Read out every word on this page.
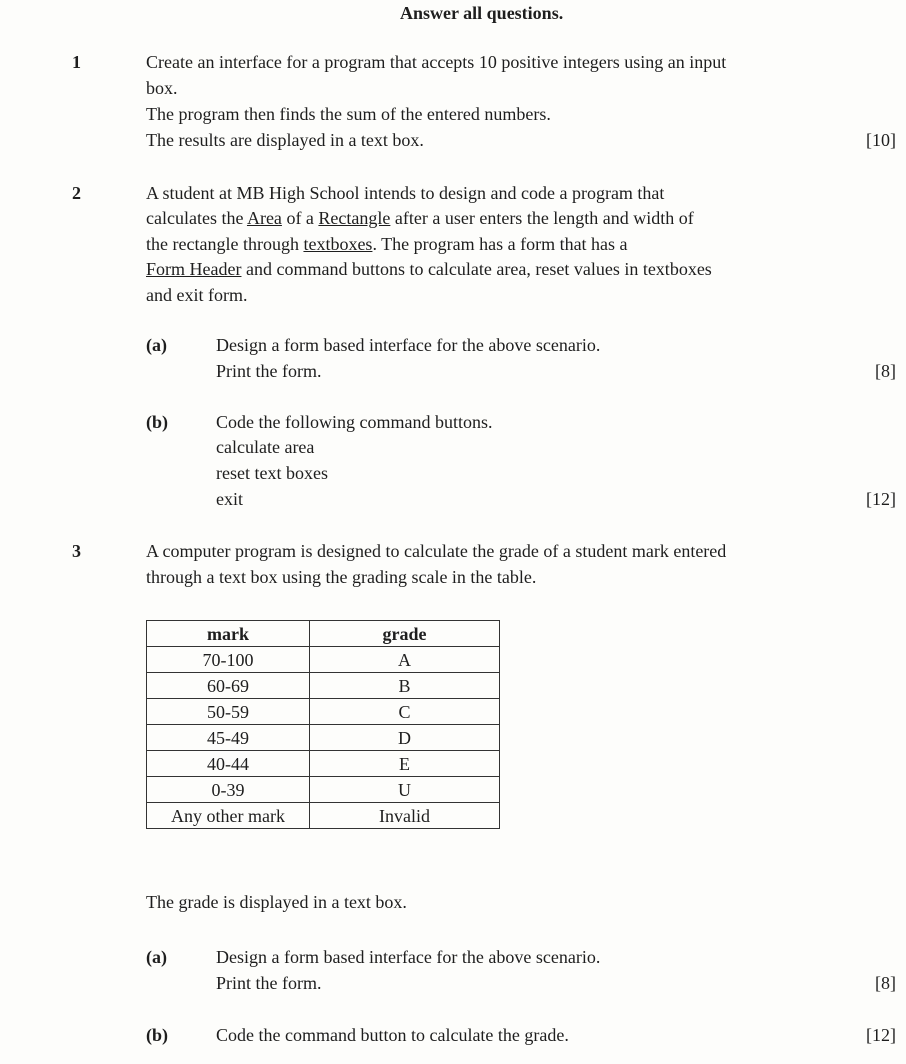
Answer all questions.
1	Create an interface for a program that accepts 10 positive integers using an input
box.
The program then finds the sum of the entered numbers.
The results are displayed in a text box.	[10]
2	A student at MB High School intends to design and code a program that
calculates the Area of a Rectangle after a user enters the length and width of
the rectangle through textboxes. The program has a form that has a
Form Header and command buttons to calculate area, reset values in textboxes
and exit form.
(a)	Design a form based interface for the above scenario.
Print the form.	[8]
(b)	Code the following command buttons.
calculate area
reset text boxes
exit	[12]
3	A computer program is designed to calculate the grade of a student mark entered
through a text box using the grading scale in the table.
mark	grade
70-100	A
60-69	B
50-59	C
45-49	D
40-44	E
0-39	U
Any other mark	Invalid
The grade is displayed in a text box.
(a)	Design a form based interface for the above scenario.
Print the form.	[8]
(b)	Code the command button to calculate the grade.	[12]
